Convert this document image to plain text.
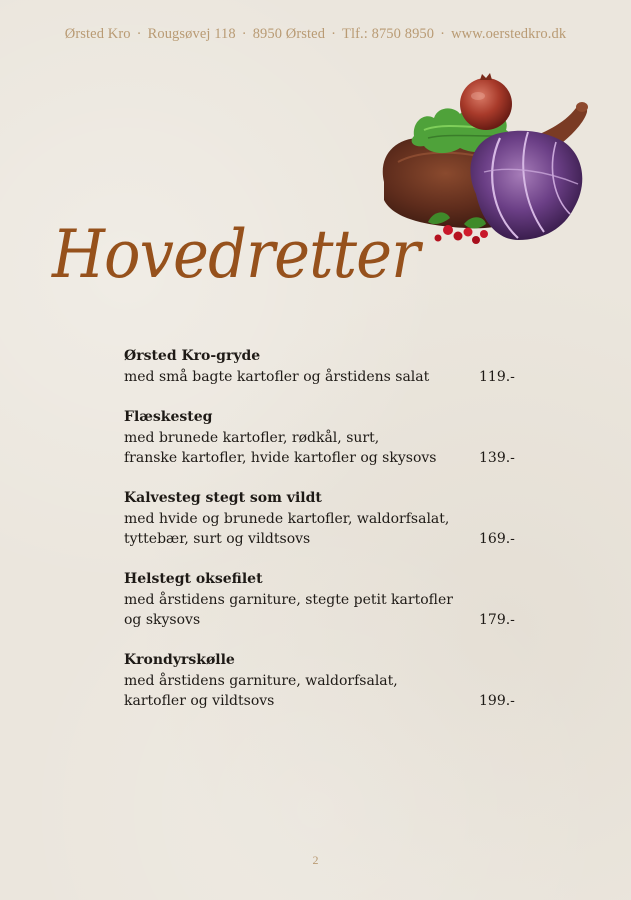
Ørsted Kro · Rougsøvej 118 · 8950 Ørsted · Tlf.: 8750 8950 · www.oerstedkro.dk
Hovedretter
Ørsted Kro-gryde
med små bagte kartofler og årstidens salat	119.-
Flæskesteg
med brunede kartofler, rødkål, surt,
franske kartofler, hvide kartofler og skysovs	139.-
Kalvesteg stegt som vildt
med hvide og brunede kartofler, waldorfsalat,
tyttebær, surt og vildtsovs	169.-
Helstegt oksefilet
med årstidens garniture, stegte petit kartofler
og skysovs	179.-
Krondyrskølle
med årstidens garniture, waldorfsalat,
kartofler og vildtsovs	199.-
2
